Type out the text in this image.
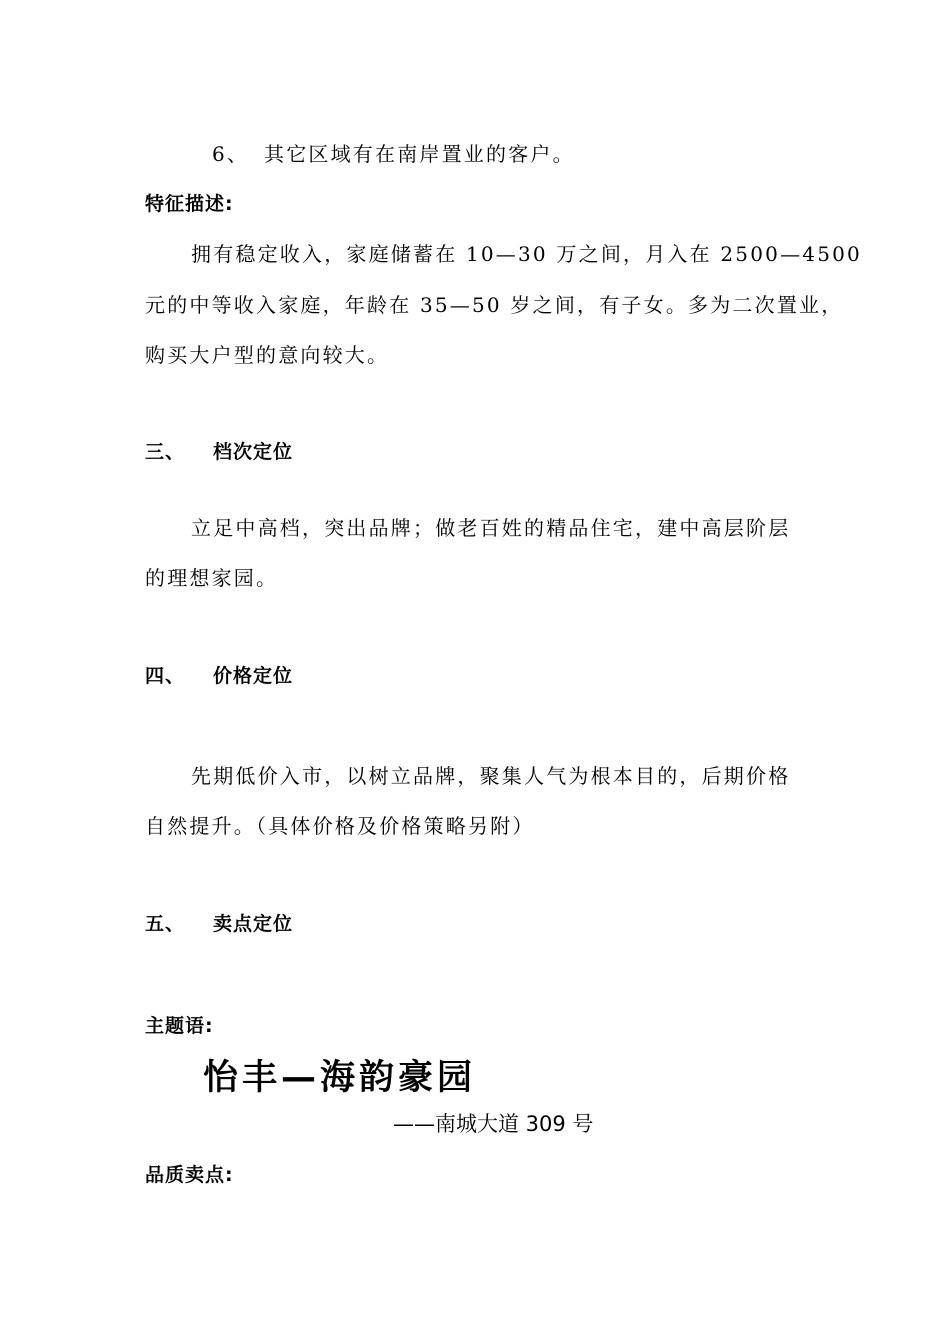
6、 其它区域有在南岸置业的客户。
特征描述:
拥有稳定收入，家庭储蓄在 10—30 万之间，月入在 2500—4500
元的中等收入家庭，年龄在 35—50 岁之间，有子女。多为二次置业，
购买大户型的意向较大。
三、 档次定位
立足中高档，突出品牌；做老百姓的精品住宅，建中高层阶层
的理想家园。
四、 价格定位
先期低价入市，以树立品牌，聚集人气为根本目的，后期价格
自然提升。（具体价格及价格策略另附）
五、 卖点定位
主题语:
怡丰—海韵豪园
——南城大道 309 号
品质卖点:
